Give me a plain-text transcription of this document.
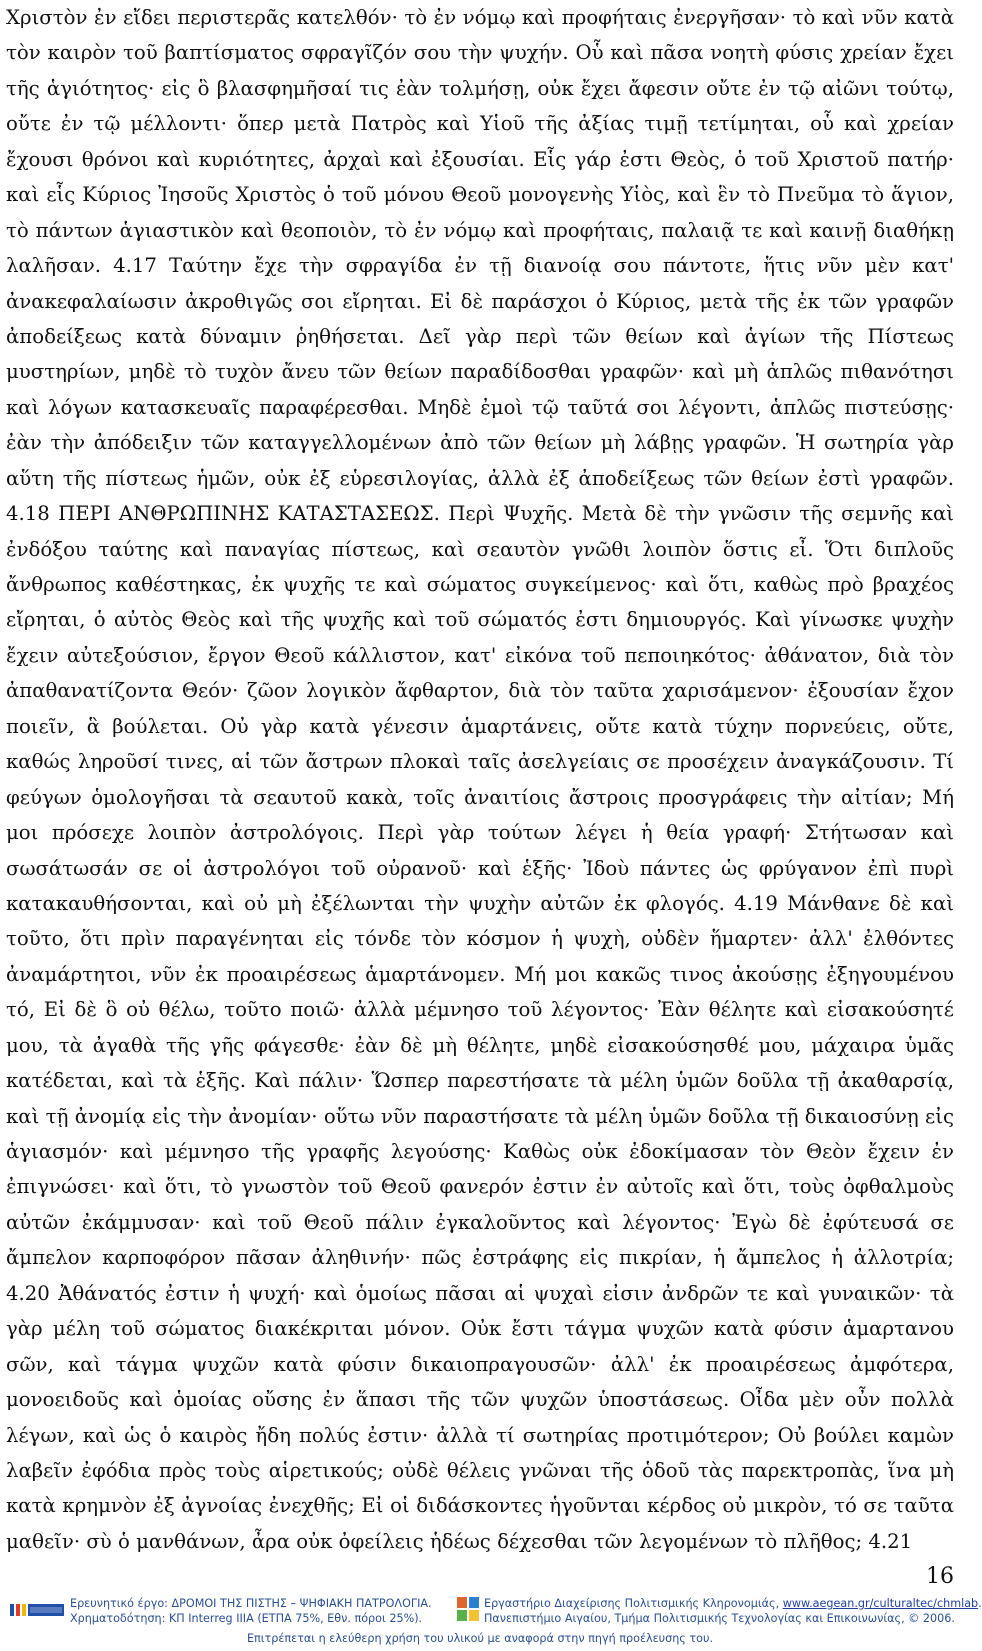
Χριστὸν ἐν εἴδει περιστερᾶς κατελθόν· τὸ ἐν νόμῳ καὶ προφήταις ἐνεργῆσαν· τὸ καὶ νῦν κατὰ τὸν καιρὸν τοῦ βαπτίσματος σφραγῖζόν σου τὴν ψυχήν. Οὗ καὶ πᾶσα νοητὴ φύσις χρείαν ἔχει τῆς ἁγιότητος· εἰς ὃ βλασφημῆσαί τις ἐὰν τολμήσῃ, οὐκ ἔχει ἄφεσιν οὔτε ἐν τῷ αἰῶνι τούτῳ, οὔτε ἐν τῷ μέλλοντι· ὅπερ μετὰ Πατρὸς καὶ Υἱοῦ τῆς ἀξίας τιμῇ τετίμηται, οὗ καὶ χρείαν ἔχουσι θρόνοι καὶ κυριότητες, ἀρχαὶ καὶ ἐξουσίαι. Εἷς γάρ ἐστι Θεὸς, ὁ τοῦ Χριστοῦ πατήρ· καὶ εἷς Κύριος Ἰησοῦς Χριστὸς ὁ τοῦ μόνου Θεοῦ μονογενὴς Υἱὸς, καὶ ἓν τὸ Πνεῦμα τὸ ἅγιον, τὸ πάντων ἁγιαστικὸν καὶ θεοποιὸν, τὸ ἐν νόμῳ καὶ προφήταις, παλαιᾷ τε καὶ καινῇ διαθήκῃ λαλῆσαν. 4.17 Ταύτην ἔχε τὴν σφραγίδα ἐν τῇ διανοίᾳ σου πάντοτε, ἥτις νῦν μὲν κατ' ἀνακεφαλαίωσιν ἀκροθιγῶς σοι εἴρηται. Εἰ δὲ παράσχοι ὁ Κύριος, μετὰ τῆς ἐκ τῶν γραφῶν ἀποδείξεως κατὰ δύναμιν ῥηθήσεται. Δεῖ γὰρ περὶ τῶν θείων καὶ ἁγίων τῆς Πίστεως μυστηρίων, μηδὲ τὸ τυχὸν ἄνευ τῶν θείων παραδίδοσθαι γραφῶν· καὶ μὴ ἁπλῶς πιθανότησι καὶ λόγων κατασκευαῖς παραφέρεσθαι. Μηδὲ ἐμοὶ τῷ ταῦτά σοι λέγοντι, ἁπλῶς πιστεύσῃς· ἐὰν τὴν ἀπόδειξιν τῶν καταγγελλομένων ἀπὸ τῶν θείων μὴ λάβῃς γραφῶν. Ἡ σωτηρία γὰρ αὕτη τῆς πίστεως ἡμῶν, οὐκ ἐξ εὑρεσιλογίας, ἀλλὰ ἐξ ἀποδείξεως τῶν θείων ἐστὶ γραφῶν. 4.18 ΠΕΡΙ ΑΝΘΡΩΠΙΝΗΣ ΚΑΤΑΣΤΑΣΕΩΣ. Περὶ Ψυχῆς. Μετὰ δὲ τὴν γνῶσιν τῆς σεμνῆς καὶ ἐνδόξου ταύτης καὶ παναγίας πίστεως, καὶ σεαυτὸν γνῶθι λοιπὸν ὅστις εἶ. Ὅτι διπλοῦς ἄνθρωπος καθέστηκας, ἐκ ψυχῆς τε καὶ σώματος συγκείμενος· καὶ ὅτι, καθὼς πρὸ βραχέος εἴρηται, ὁ αὐτὸς Θεὸς καὶ τῆς ψυχῆς καὶ τοῦ σώματός ἐστι δημιουργός. Καὶ γίνωσκε ψυχὴν ἔχειν αὐτεξούσιον, ἔργον Θεοῦ κάλλιστον, κατ' εἰκόνα τοῦ πεποιηκότος· ἀθάνατον, διὰ τὸν ἀπαθανατίζοντα Θεόν· ζῶον λογικὸν ἄφθαρτον, διὰ τὸν ταῦτα χαρισάμενον· ἐξουσίαν ἔχον ποιεῖν, ἃ βούλεται. Οὐ γὰρ κατὰ γένεσιν ἁμαρτάνεις, οὔτε κατὰ τύχην πορνεύεις, οὔτε, καθώς ληροῦσί τινες, αἱ τῶν ἄστρων πλοκαὶ ταῖς ἀσελγείαις σε προσέχειν ἀναγκάζουσιν. Τί φεύγων ὁμολογῆσαι τὰ σεαυτοῦ κακὰ, τοῖς ἀναιτίοις ἄστροις προσγράφεις τὴν αἰτίαν; Μή μοι πρόσεχε λοιπὸν ἀστρολόγοις. Περὶ γὰρ τούτων λέγει ἡ θεία γραφή· Στήτωσαν καὶ σωσάτωσάν σε οἱ ἀστρολόγοι τοῦ οὐρανοῦ· καὶ ἑξῆς· Ἰδοὺ πάντες ὡς φρύγανον ἐπὶ πυρὶ κατακαυθήσονται, καὶ οὐ μὴ ἐξέλωνται τὴν ψυχὴν αὐτῶν ἐκ φλογός. 4.19 Μάνθανε δὲ καὶ τοῦτο, ὅτι πρὶν παραγένηται εἰς τόνδε τὸν κόσμον ἡ ψυχὴ, οὐδὲν ἥμαρτεν· ἀλλ' ἐλθόντες ἀναμάρτητοι, νῦν ἐκ προαιρέσεως ἁμαρτάνομεν. Μή μοι κακῶς τινος ἀκούσῃς ἐξηγουμένου τό, Εἰ δὲ ὃ οὐ θέλω, τοῦτο ποιῶ· ἀλλὰ μέμνησο τοῦ λέγοντος· Ἐὰν θέλητε καὶ εἰσακούσητέ μου, τὰ ἀγαθὰ τῆς γῆς φάγεσθε· ἐὰν δὲ μὴ θέλητε, μηδὲ εἰσακούσησθέ μου, μάχαιρα ὑμᾶς κατέδεται, καὶ τὰ ἑξῆς. Καὶ πάλιν· Ὥσπερ παρεστήσατε τὰ μέλη ὑμῶν δοῦλα τῇ ἀκαθαρσίᾳ, καὶ τῇ ἀνομίᾳ εἰς τὴν ἀνομίαν· οὕτω νῦν παραστήσατε τὰ μέλη ὑμῶν δοῦλα τῇ δικαιοσύνῃ εἰς ἁγιασμόν· καὶ μέμνησο τῆς γραφῆς λεγούσης· Καθὼς οὐκ ἐδοκίμασαν τὸν Θεὸν ἔχειν ἐν ἐπιγνώσει· καὶ ὅτι, τὸ γνωστὸν τοῦ Θεοῦ φανερόν ἐστιν ἐν αὐτοῖς καὶ ὅτι, τοὺς ὀφθαλμοὺς αὐτῶν ἐκάμμυσαν· καὶ τοῦ Θεοῦ πάλιν ἐγκαλοῦντος καὶ λέγοντος· Ἐγὼ δὲ ἐφύτευσά σε ἄμπελον καρποφόρον πᾶσαν ἀληθινήν· πῶς ἐστράφης εἰς πικρίαν, ἡ ἄμπελος ἡ ἀλλοτρία; 4.20 Ἀθάνατός ἐστιν ἡ ψυχή· καὶ ὁμοίως πᾶσαι αἱ ψυχαὶ εἰσιν ἀνδρῶν τε καὶ γυναικῶν· τὰ γὰρ μέλη τοῦ σώματος διακέκριται μόνον. Οὐκ ἔστι τάγμα ψυχῶν κατὰ φύσιν ἁμαρτανου σῶν, καὶ τάγμα ψυχῶν κατὰ φύσιν δικαιοπραγουσῶν· ἀλλ' ἐκ προαιρέσεως ἀμφότερα, μονοειδοῦς καὶ ὁμοίας οὔσης ἐν ἅπασι τῆς τῶν ψυχῶν ὑποστάσεως. Οἶδα μὲν οὖν πολλὰ λέγων, καὶ ὡς ὁ καιρὸς ἤδη πολύς ἐστιν· ἀλλὰ τί σωτηρίας προτιμότερον; Οὐ βούλει καμὼν λαβεῖν ἐφόδια πρὸς τοὺς αἱρετικούς; οὐδὲ θέλεις γνῶναι τῆς ὁδοῦ τὰς παρεκτροπὰς, ἵνα μὴ κατὰ κρημνὸν ἐξ ἀγνοίας ἐνεχθῆς; Εἰ οἱ διδάσκοντες ἡγοῦνται κέρδος οὐ μικρὸν, τό σε ταῦτα μαθεῖν· σὺ ὁ μανθάνων, ἆρα οὐκ ὀφείλεις ἡδέως δέχεσθαι τῶν λεγομένων τὸ πλῆθος; 4.21

16
Ερευνητικό έργο: ΔΡΟΜΟΙ ΤΗΣ ΠΙΣΤΗΣ – ΨΗΦΙΑΚΗ ΠΑΤΡΟΛΟΓΙΑ.
Χρηματοδότηση: ΚΠ Interreg IIIA (ΕΤΠΑ 75%, Εθν. πόροι 25%).
Εργαστήριο Διαχείρισης Πολιτισμικής Κληρονομιάς, www.aegean.gr/culturaltec/chmlab.
Πανεπιστήμιο Αιγαίου, Τμήμα Πολιτισμικής Τεχνολογίας και Επικοινωνίας, © 2006.
Επιτρέπεται η ελεύθερη χρήση του υλικού με αναφορά στην πηγή προέλευσης του.
